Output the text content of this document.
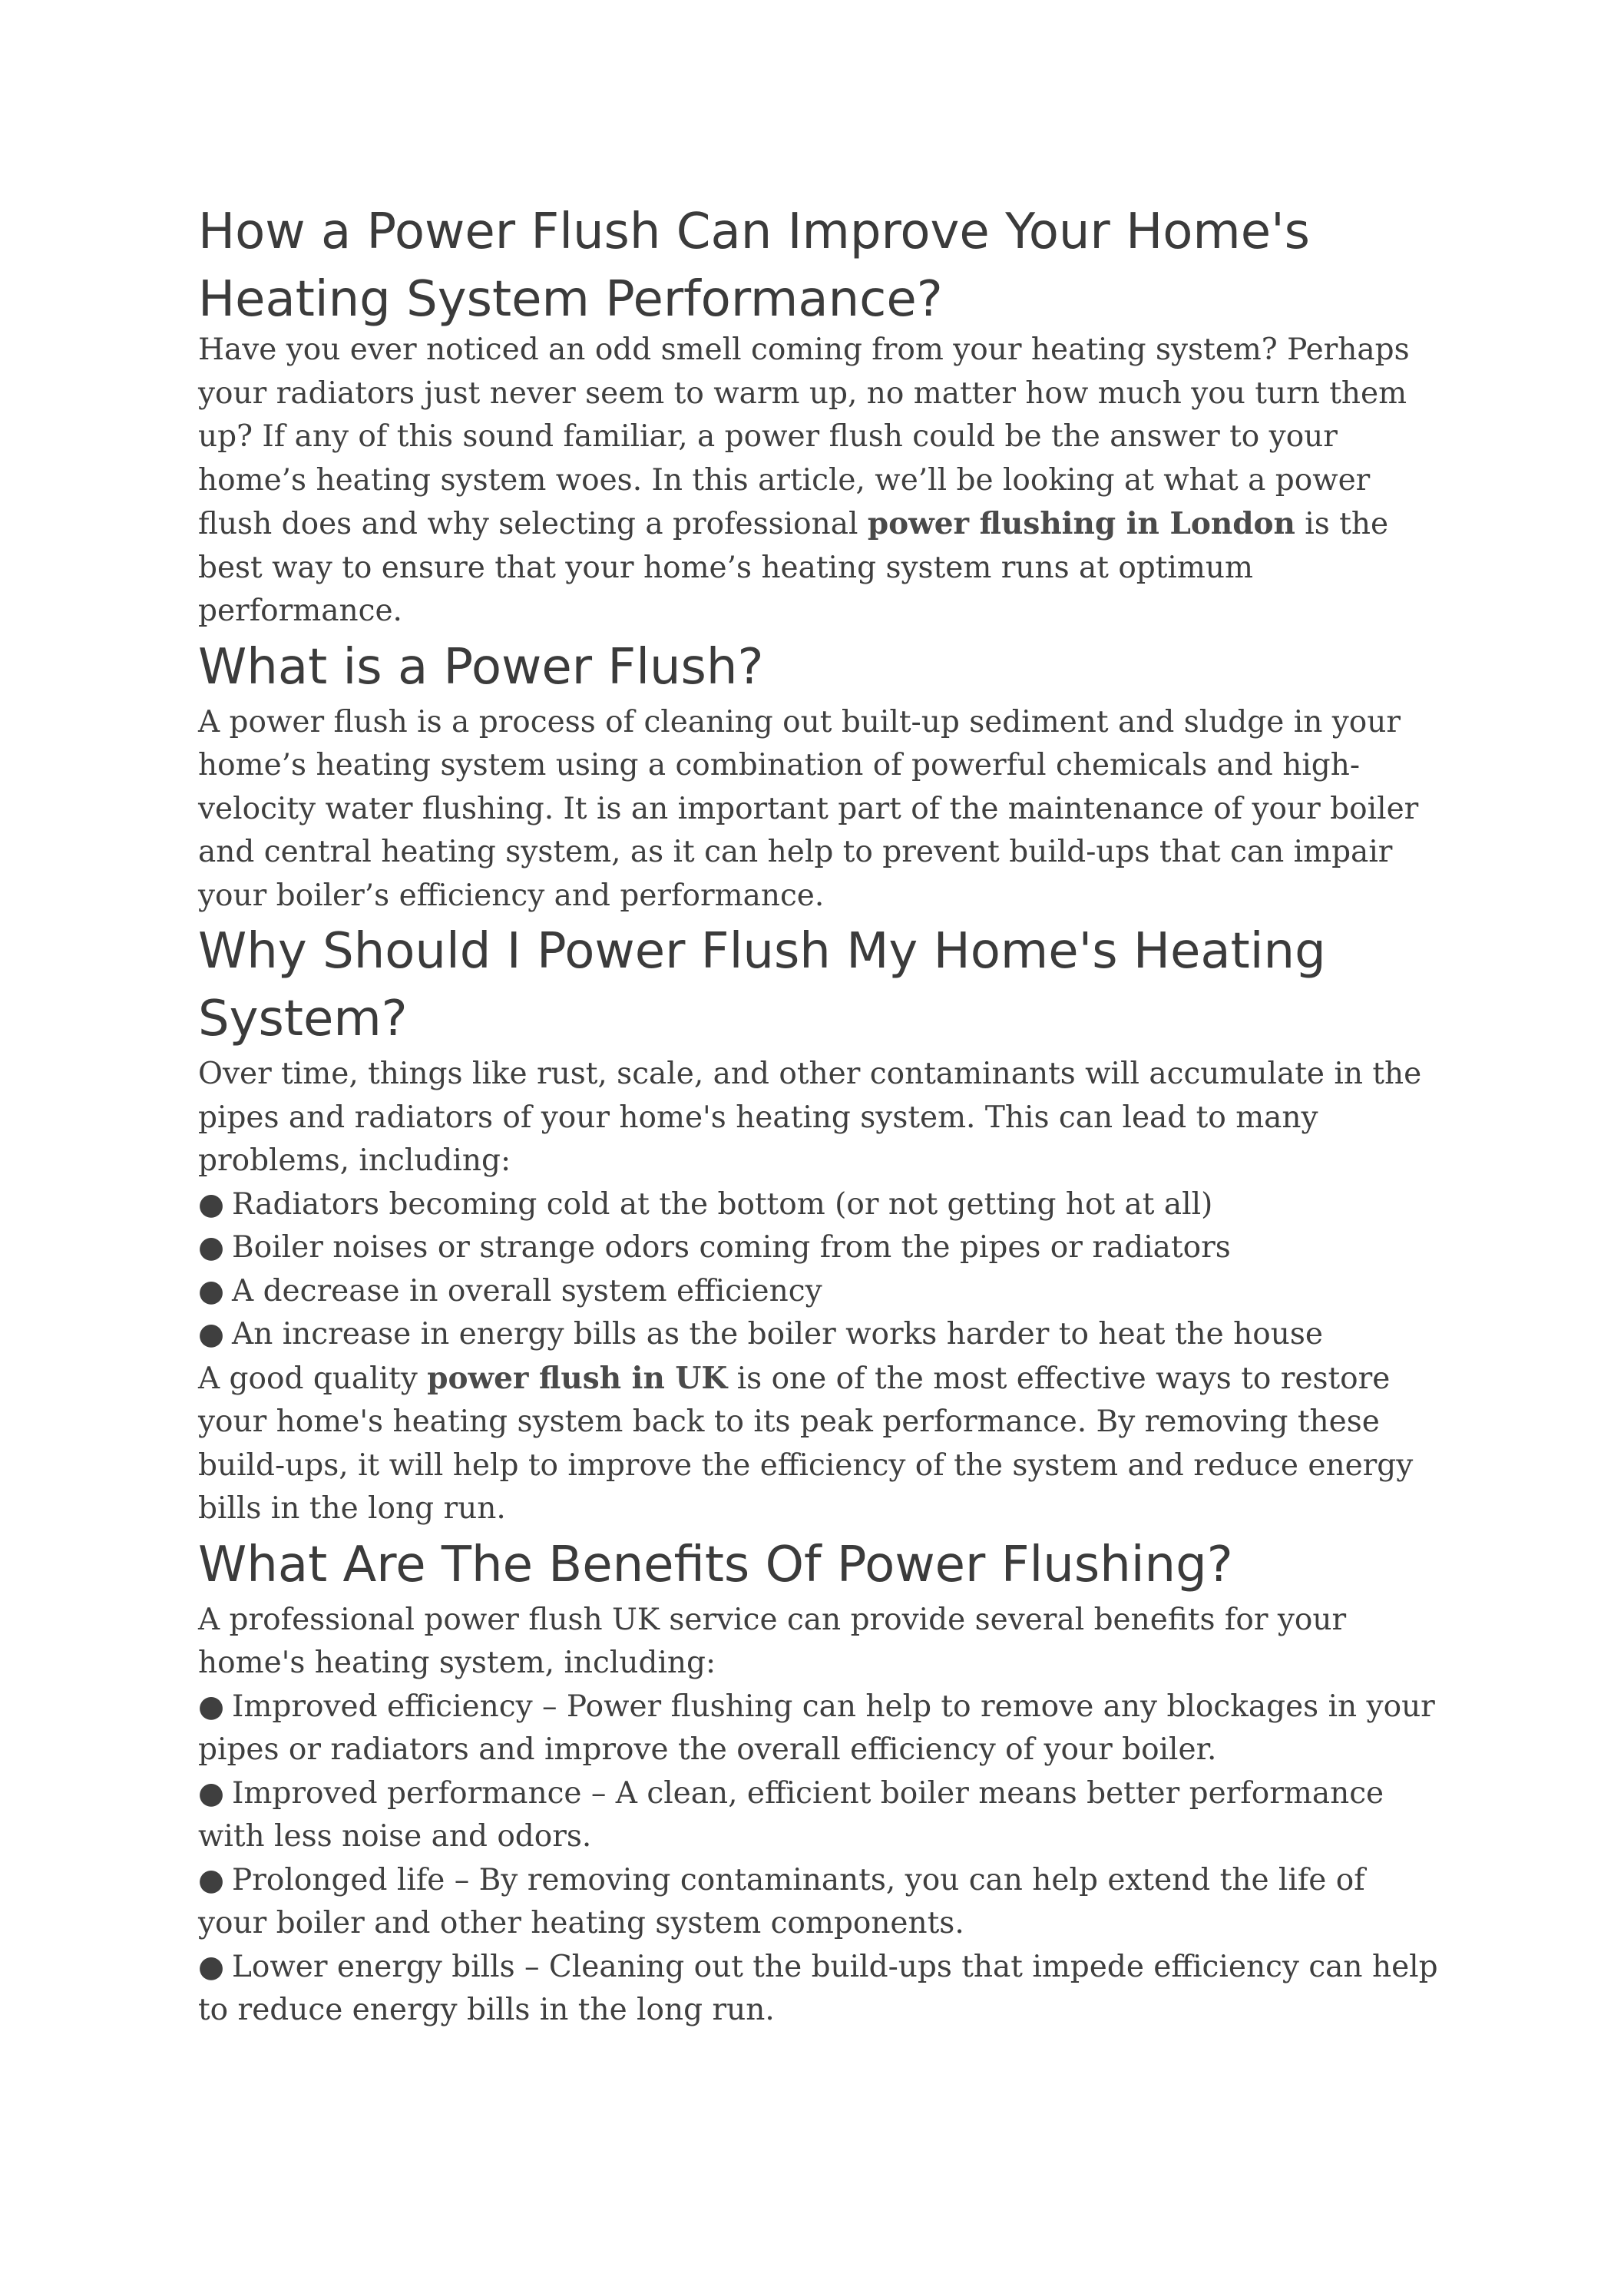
How a Power Flush Can Improve Your Home's Heating System Performance?

Have you ever noticed an odd smell coming from your heating system? Perhaps your radiators just never seem to warm up, no matter how much you turn them up? If any of this sound familiar, a power flush could be the answer to your home’s heating system woes. In this article, we’ll be looking at what a power flush does and why selecting a professional power flushing in London is the best way to ensure that your home’s heating system runs at optimum performance.

What is a Power Flush?

A power flush is a process of cleaning out built-up sediment and sludge in your home’s heating system using a combination of powerful chemicals and high-velocity water flushing. It is an important part of the maintenance of your boiler and central heating system, as it can help to prevent build-ups that can impair your boiler’s efficiency and performance.

Why Should I Power Flush My Home's Heating System?

Over time, things like rust, scale, and other contaminants will accumulate in the pipes and radiators of your home's heating system. This can lead to many problems, including:

● Radiators becoming cold at the bottom (or not getting hot at all)
● Boiler noises or strange odors coming from the pipes or radiators
● A decrease in overall system efficiency
● An increase in energy bills as the boiler works harder to heat the house

A good quality power flush in UK is one of the most effective ways to restore your home's heating system back to its peak performance. By removing these build-ups, it will help to improve the efficiency of the system and reduce energy bills in the long run.

What Are The Benefits Of Power Flushing?

A professional power flush UK service can provide several benefits for your home's heating system, including:

● Improved efficiency – Power flushing can help to remove any blockages in your pipes or radiators and improve the overall efficiency of your boiler.
● Improved performance – A clean, efficient boiler means better performance with less noise and odors.
● Prolonged life – By removing contaminants, you can help extend the life of your boiler and other heating system components.
● Lower energy bills – Cleaning out the build-ups that impede efficiency can help to reduce energy bills in the long run.
